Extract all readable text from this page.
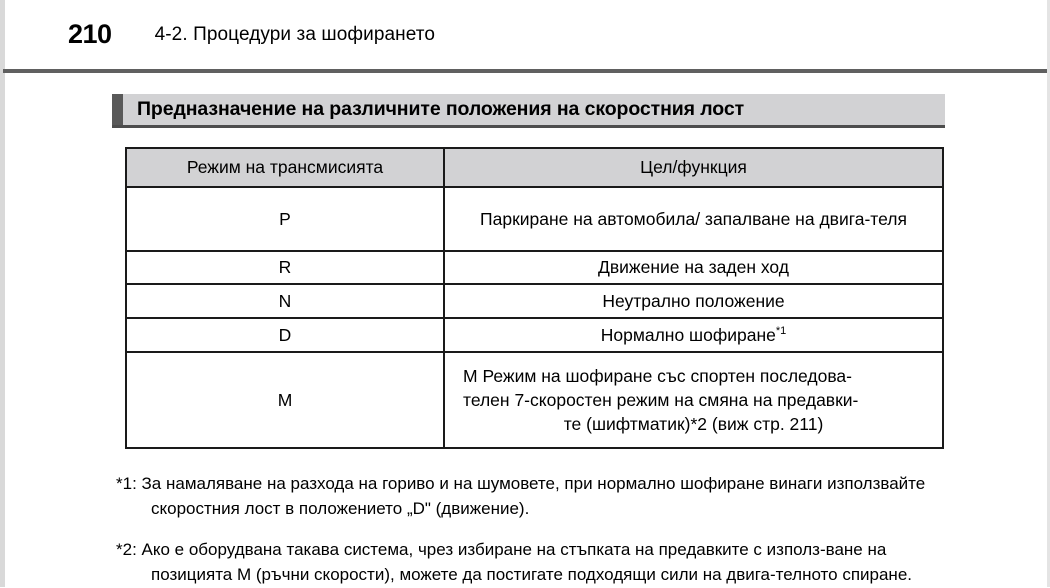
210 4-2. Процедури за шофирането
Предназначение на различните положения на скоростния лост
Режим на трансмисията	Цел/функция
P	Паркиране на автомобила/ запалване на двига-теля
R	Движение на заден ход
N	Неутрално положение
D	Нормално шофиране$^{*1}$
M	М Режим на шофиране със спортен последова-
телен 7-скоростен режим на смяна на предавки-
те (шифтматик)*2 (виж стр. 211)

*1: За намаляване на разхода на гориво и на шумовете, при нормално шофиране винаги използвайте скоростния лост в положението „D" (движение).

*2: Ако е оборудвана такава система, чрез избиране на стъпката на предавките с използ-ване на позицията М (ръчни скорости), можете да постигате подходящи сили на двига-телното спиране.
